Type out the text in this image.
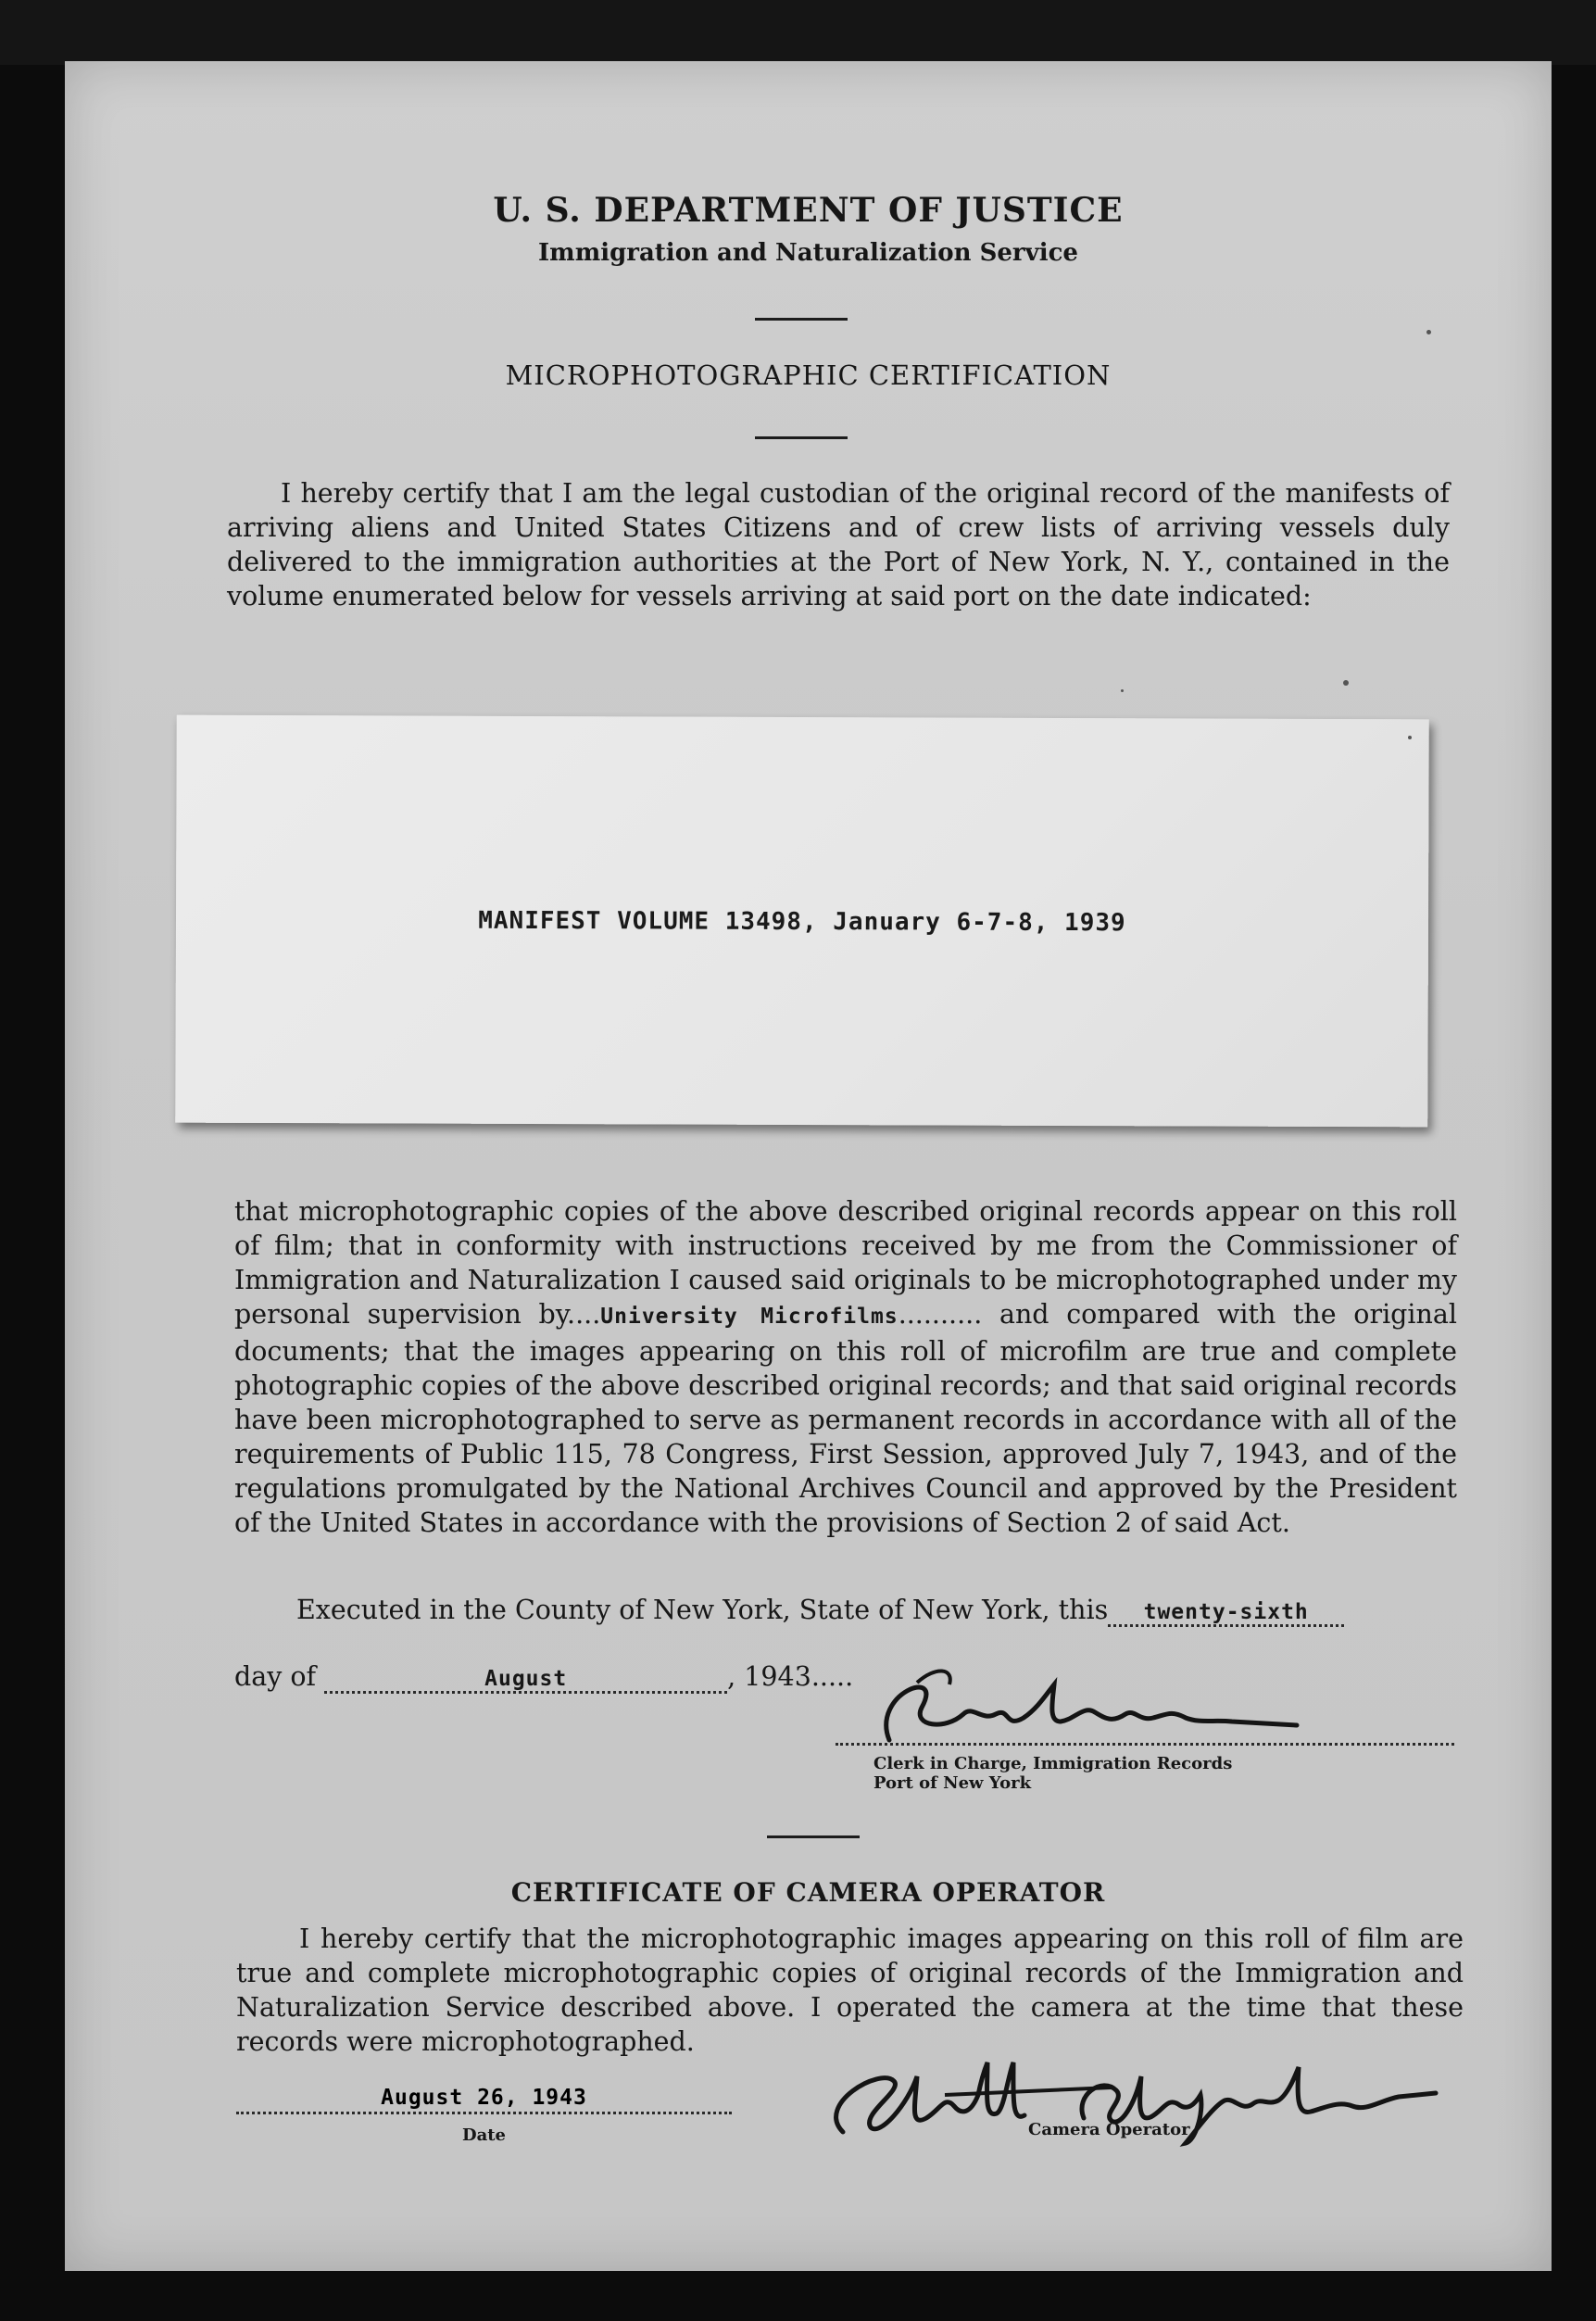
U. S. DEPARTMENT OF JUSTICE
Immigration and Naturalization Service
MICROPHOTOGRAPHIC CERTIFICATION
I hereby certify that I am the legal custodian of the original record of the manifests of arriving aliens and United States Citizens and of crew lists of arriving vessels duly delivered to the immigration authorities at the Port of New York, N. Y., contained in the volume enumerated below for vessels arriving at said port on the date indicated:
MANIFEST VOLUME 13498, January 6-7-8, 1939
that microphotographic copies of the above described original records appear on this roll of film; that in conformity with instructions received by me from the Commissioner of Immigration and Naturalization I caused said originals to be microphotographed under my personal supervision by....University Microfilms.......... and compared with the original documents; that the images appearing on this roll of microfilm are true and complete photographic copies of the above described original records; and that said original records have been microphotographed to serve as permanent records in accordance with all of the requirements of Public 115, 78 Congress, First Session, approved July 7, 1943, and of the regulations promulgated by the National Archives Council and approved by the President of the United States in accordance with the provisions of Section 2 of said Act.
Executed in the County of New York, State of New York, this twenty-sixth
day of	August	, 1943.....
Clerk in Charge, Immigration Records
Port of New York
CERTIFICATE OF CAMERA OPERATOR
I hereby certify that the microphotographic images appearing on this roll of film are true and complete microphotographic copies of original records of the Immigration and Naturalization Service described above. I operated the camera at the time that these records were microphotographed.
August 26, 1943
Date	Camera Operator
